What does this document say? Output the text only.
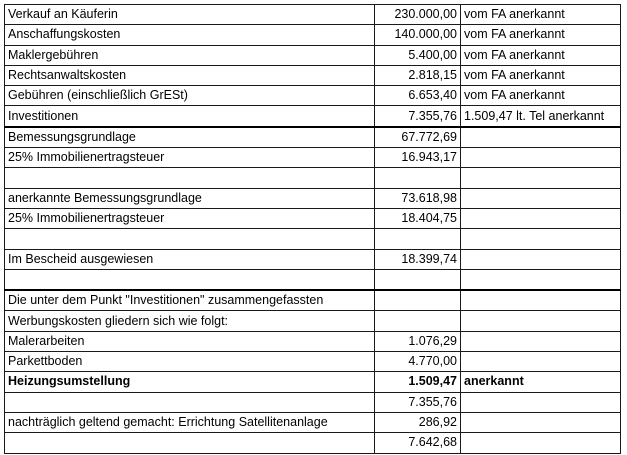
Verkauf an Käuferin	230.000,00	vom FA anerkannt
Anschaffungskosten	140.000,00	vom FA anerkannt
Maklergebühren	5.400,00	vom FA anerkannt
Rechtsanwaltskosten	2.818,15	vom FA anerkannt
Gebühren (einschließlich GrESt)	6.653,40	vom FA anerkannt
Investitionen	7.355,76	1.509,47 lt. Tel anerkannt
Bemessungsgrundlage	67.772,69	
25% Immobilienertragsteuer	16.943,17	

anerkannte Bemessungsgrundlage	73.618,98	
25% Immobilienertragsteuer	18.404,75	

Im Bescheid ausgewiesen	18.399,74	

Die unter dem Punkt "Investitionen" zusammengefassten		
Werbungskosten gliedern sich wie folgt:		
Malerarbeiten	1.076,29	
Parkettboden	4.770,00	
Heizungsumstellung	1.509,47	anerkannt
	7.355,76	
nachträglich geltend gemacht: Errichtung Satellitenanlage	286,92	
	7.642,68	
